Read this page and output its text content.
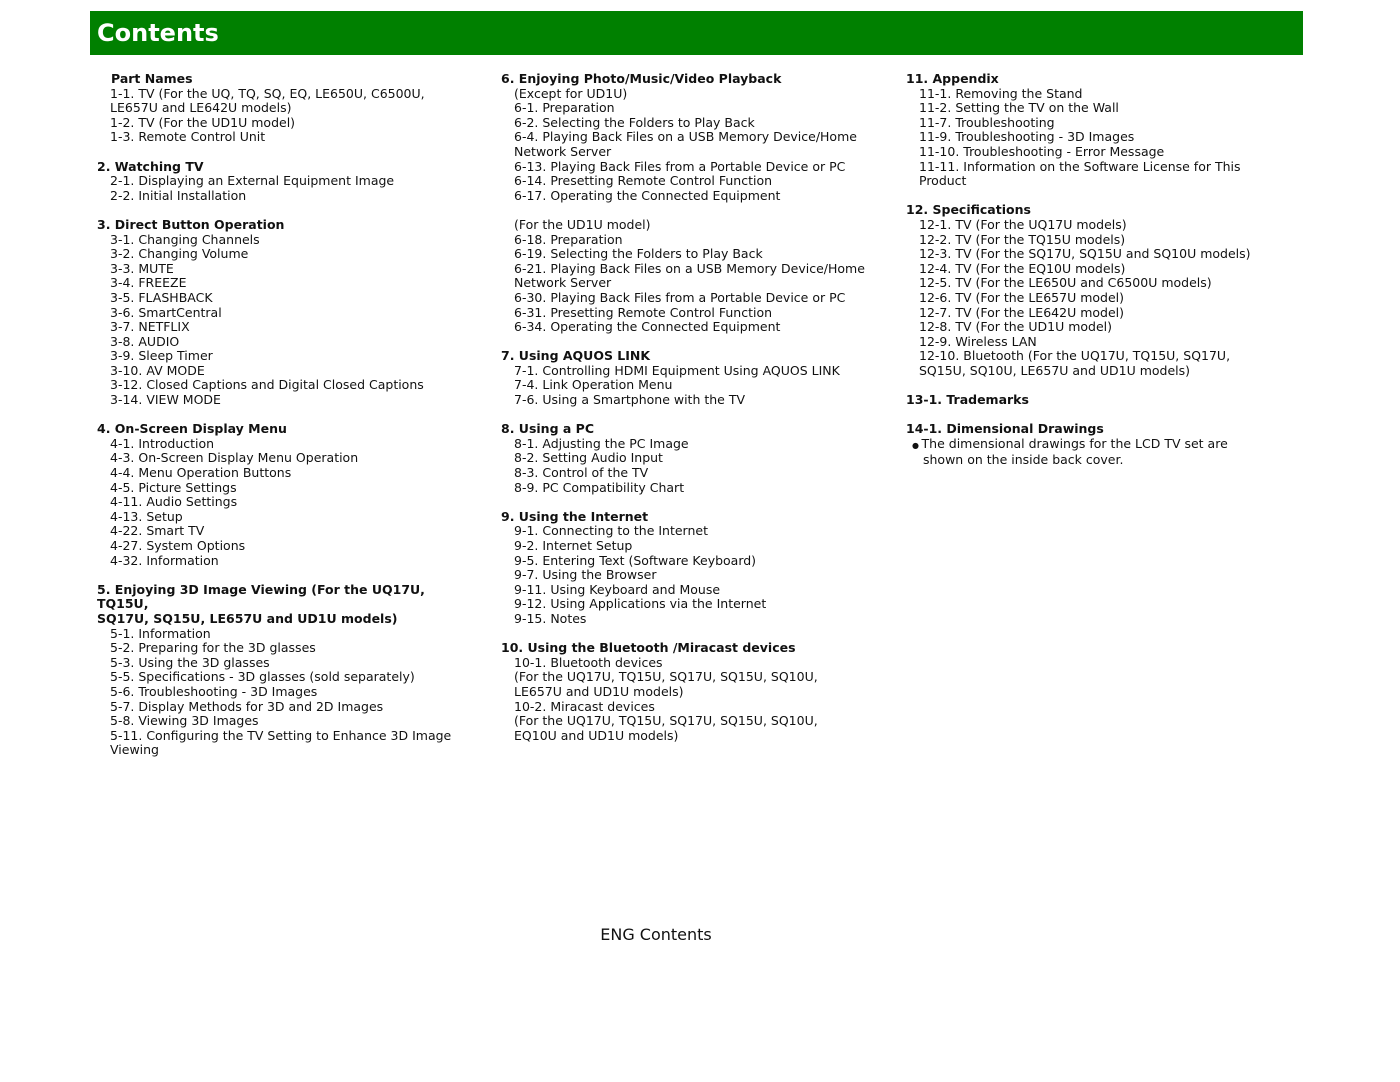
Contents
Part Names
1-1. TV (For the UQ, TQ, SQ, EQ, LE650U, C6500U,
LE657U and LE642U models)
1-2. TV (For the UD1U model)
1-3. Remote Control Unit
2. Watching TV
2-1. Displaying an External Equipment Image
2-2. Initial Installation
3. Direct Button Operation
3-1. Changing Channels
3-2. Changing Volume
3-3. MUTE
3-4. FREEZE
3-5. FLASHBACK
3-6. SmartCentral
3-7. NETFLIX
3-8. AUDIO
3-9. Sleep Timer
3-10. AV MODE
3-12. Closed Captions and Digital Closed Captions
3-14. VIEW MODE
4. On-Screen Display Menu
4-1. Introduction
4-3. On-Screen Display Menu Operation
4-4. Menu Operation Buttons
4-5. Picture Settings
4-11. Audio Settings
4-13. Setup
4-22. Smart TV
4-27. System Options
4-32. Information
5. Enjoying 3D Image Viewing (For the UQ17U, TQ15U,
SQ17U, SQ15U, LE657U and UD1U models)
5-1. Information
5-2. Preparing for the 3D glasses
5-3. Using the 3D glasses
5-5. Specifications - 3D glasses (sold separately)
5-6. Troubleshooting - 3D Images
5-7. Display Methods for 3D and 2D Images
5-8. Viewing 3D Images
5-11. Configuring the TV Setting to Enhance 3D Image
Viewing
6. Enjoying Photo/Music/Video Playback
(Except for UD1U)
6-1. Preparation
6-2. Selecting the Folders to Play Back
6-4. Playing Back Files on a USB Memory Device/Home
Network Server
6-13. Playing Back Files from a Portable Device or PC
6-14. Presetting Remote Control Function
6-17. Operating the Connected Equipment
(For the UD1U model)
6-18. Preparation
6-19. Selecting the Folders to Play Back
6-21. Playing Back Files on a USB Memory Device/Home
Network Server
6-30. Playing Back Files from a Portable Device or PC
6-31. Presetting Remote Control Function
6-34. Operating the Connected Equipment
7. Using AQUOS LINK
7-1. Controlling HDMI Equipment Using AQUOS LINK
7-4. Link Operation Menu
7-6. Using a Smartphone with the TV
8. Using a PC
8-1. Adjusting the PC Image
8-2. Setting Audio Input
8-3. Control of the TV
8-9. PC Compatibility Chart
9. Using the Internet
9-1. Connecting to the Internet
9-2. Internet Setup
9-5. Entering Text (Software Keyboard)
9-7. Using the Browser
9-11. Using Keyboard and Mouse
9-12. Using Applications via the Internet
9-15. Notes
10. Using the Bluetooth /Miracast devices
10-1. Bluetooth devices
(For the UQ17U, TQ15U, SQ17U, SQ15U, SQ10U,
LE657U and UD1U models)
10-2. Miracast devices
(For the UQ17U, TQ15U, SQ17U, SQ15U, SQ10U,
EQ10U and UD1U models)
11. Appendix
11-1. Removing the Stand
11-2. Setting the TV on the Wall
11-7. Troubleshooting
11-9. Troubleshooting - 3D Images
11-10. Troubleshooting - Error Message
11-11. Information on the Software License for This
Product
12. Specifications
12-1. TV (For the UQ17U models)
12-2. TV (For the TQ15U models)
12-3. TV (For the SQ17U, SQ15U and SQ10U models)
12-4. TV (For the EQ10U models)
12-5. TV (For the LE650U and C6500U models)
12-6. TV (For the LE657U model)
12-7. TV (For the LE642U model)
12-8. TV (For the UD1U model)
12-9. Wireless LAN
12-10. Bluetooth (For the UQ17U, TQ15U, SQ17U,
SQ15U, SQ10U, LE657U and UD1U models)
13-1. Trademarks
14-1. Dimensional Drawings
● The dimensional drawings for the LCD TV set are shown on the inside back cover.
ENG Contents
